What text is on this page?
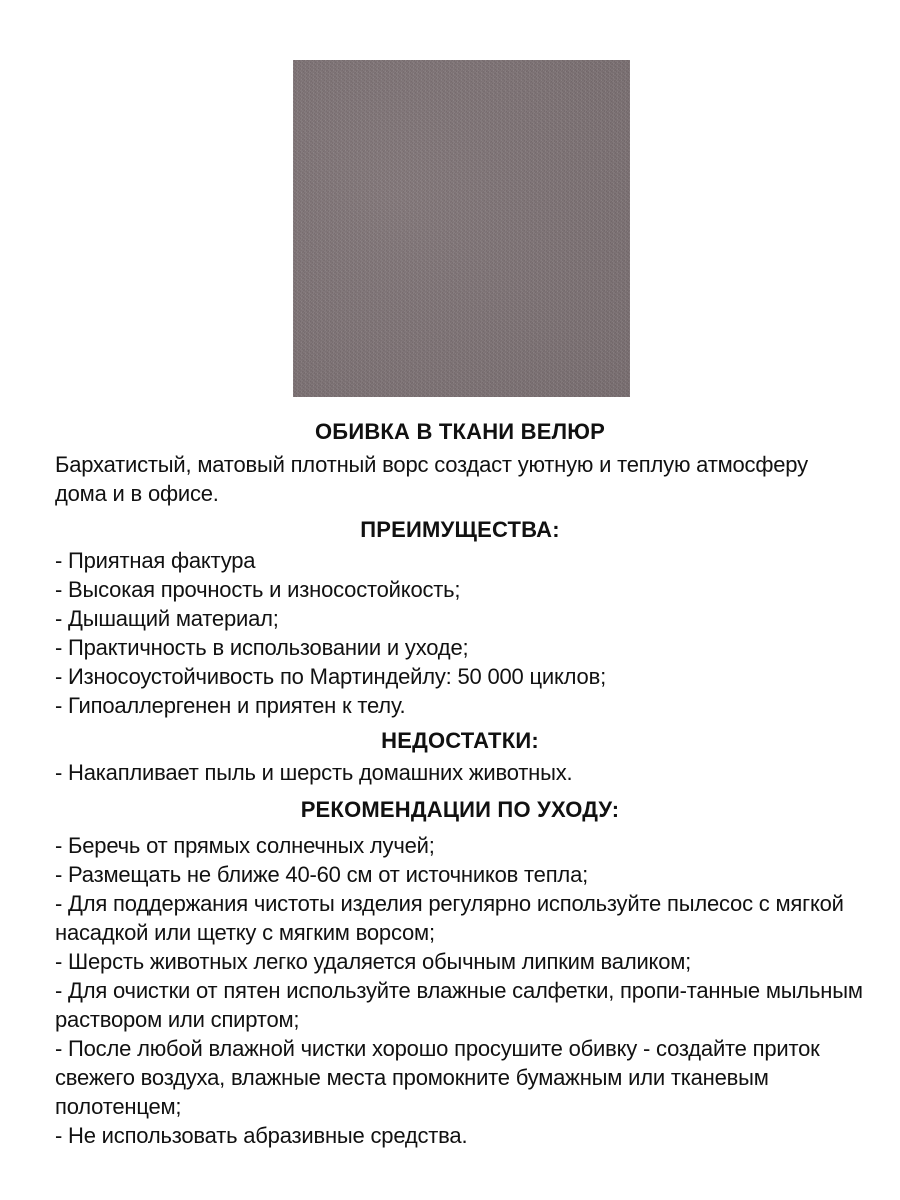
ОБИВКА В ТКАНИ ВЕЛЮР
Бархатистый, матовый плотный ворс создаст уютную и теплую атмосферу дома и в офисе.
ПРЕИМУЩЕСТВА:
- Приятная фактура
- Высокая прочность и износостойкость;
- Дышащий материал;
- Практичность в использовании и уходе;
- Износоустойчивость по Мартиндейлу: 50 000 циклов;
- Гипоаллергенен и приятен к телу.
НЕДОСТАТКИ:
- Накапливает пыль и шерсть домашних животных.
РЕКОМЕНДАЦИИ ПО УХОДУ:
- Беречь от прямых солнечных лучей;
- Размещать не ближе 40-60 см от источников тепла;
- Для поддержания чистоты изделия регулярно используйте пылесос с мягкой насадкой или щетку с мягким ворсом;
- Шерсть животных легко удаляется обычным липким валиком;
- Для очистки от пятен используйте влажные салфетки, пропи-танные мыльным раствором или спиртом;
- После любой влажной чистки хорошо просушите обивку - создайте приток свежего воздуха, влажные места промокните бумажным или тканевым полотенцем;
- Не использовать абразивные средства.
